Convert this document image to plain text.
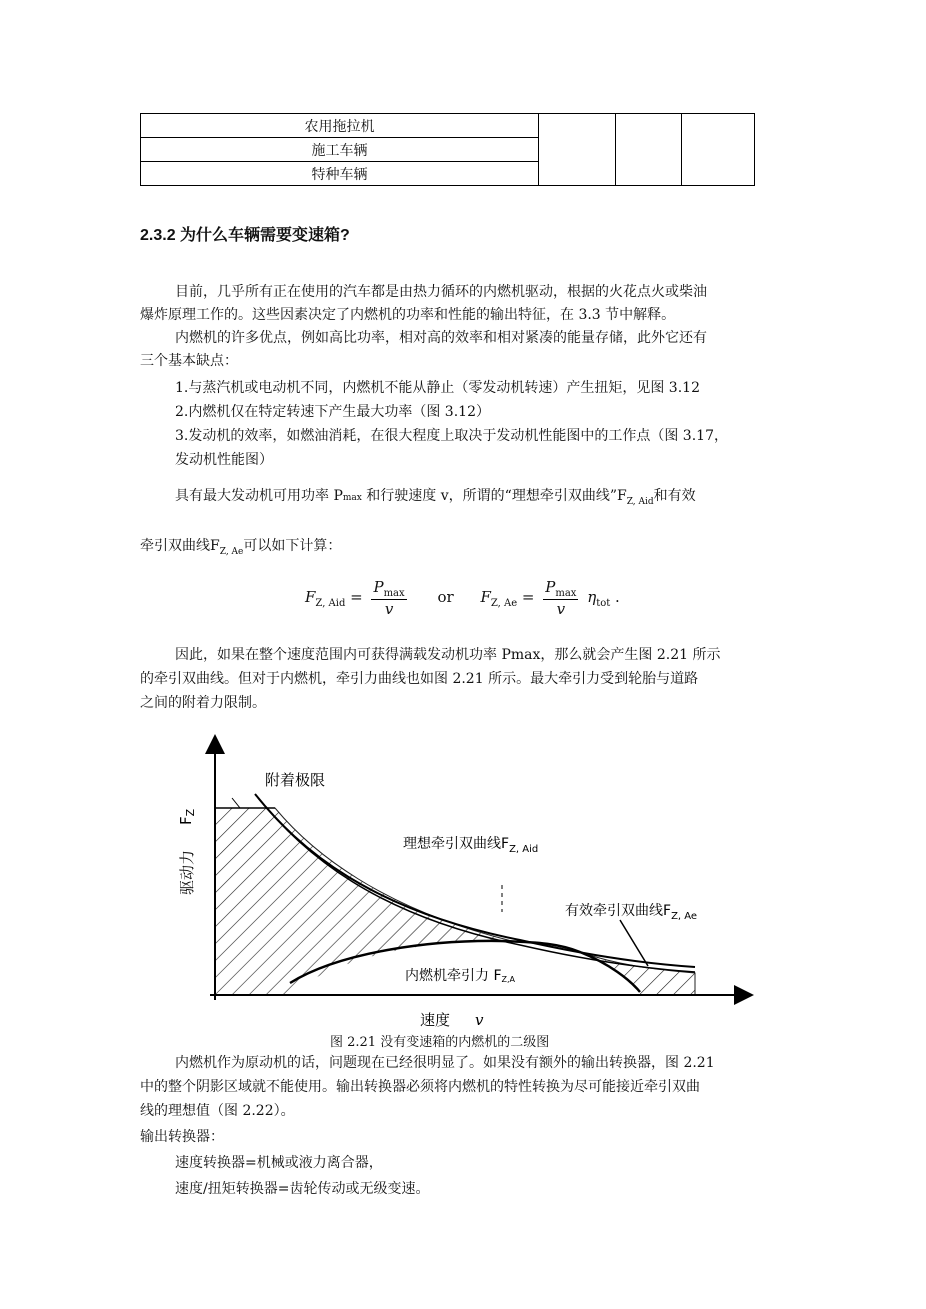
农用拖拉机			
施工车辆
特种车辆
2.3.2 为什么车辆需要变速箱?
目前，几乎所有正在使用的汽车都是由热力循环的内燃机驱动，根据的火花点火或柴油
爆炸原理工作的。这些因素决定了内燃机的功率和性能的输出特征，在 3.3 节中解释。
内燃机的许多优点，例如高比功率，相对高的效率和相对紧凑的能量存储，此外它还有
三个基本缺点：
1.与蒸汽机或电动机不同，内燃机不能从静止（零发动机转速）产生扭矩，见图 3.12
2.内燃机仅在特定转速下产生最大功率（图 3.12）
3.发动机的效率，如燃油消耗，在很大程度上取决于发动机性能图中的工作点（图 3.17，
发动机性能图）
具有最大发动机可用功率 Pmax 和行驶速度 v，所谓的“理想牵引双曲线$”F_{Z, Aid}$和有效
牵引双曲线$F_{Z, Ae}$可以如下计算：
$F_{Z, Aid} = \frac{P_{max}}{v}$ or $F_{Z, Ae} = \frac{P_{max}}{v} \eta_{tot}$ .
因此，如果在整个速度范围内可获得满载发动机功率 Pmax，那么就会产生图 2.21 所示
的牵引双曲线。但对于内燃机，牵引力曲线也如图 2.21 所示。最大牵引力受到轮胎与道路
之间的附着力限制。
附着极限
$F_Z$
驱动力
理想牵引双曲线$F_{Z, Aid}$
有效牵引双曲线$F_{Z, Ae}$
内燃机牵引力 FZ,A
速度 v
图 2.21 没有变速箱的内燃机的二级图
内燃机作为原动机的话，问题现在已经很明显了。如果没有额外的输出转换器，图 2.21
中的整个阴影区域就不能使用。输出转换器必须将内燃机的特性转换为尽可能接近牵引双曲
线的理想值（图 2.22）。
输出转换器：
速度转换器=机械或液力离合器，
速度/扭矩转换器=齿轮传动或无级变速。
